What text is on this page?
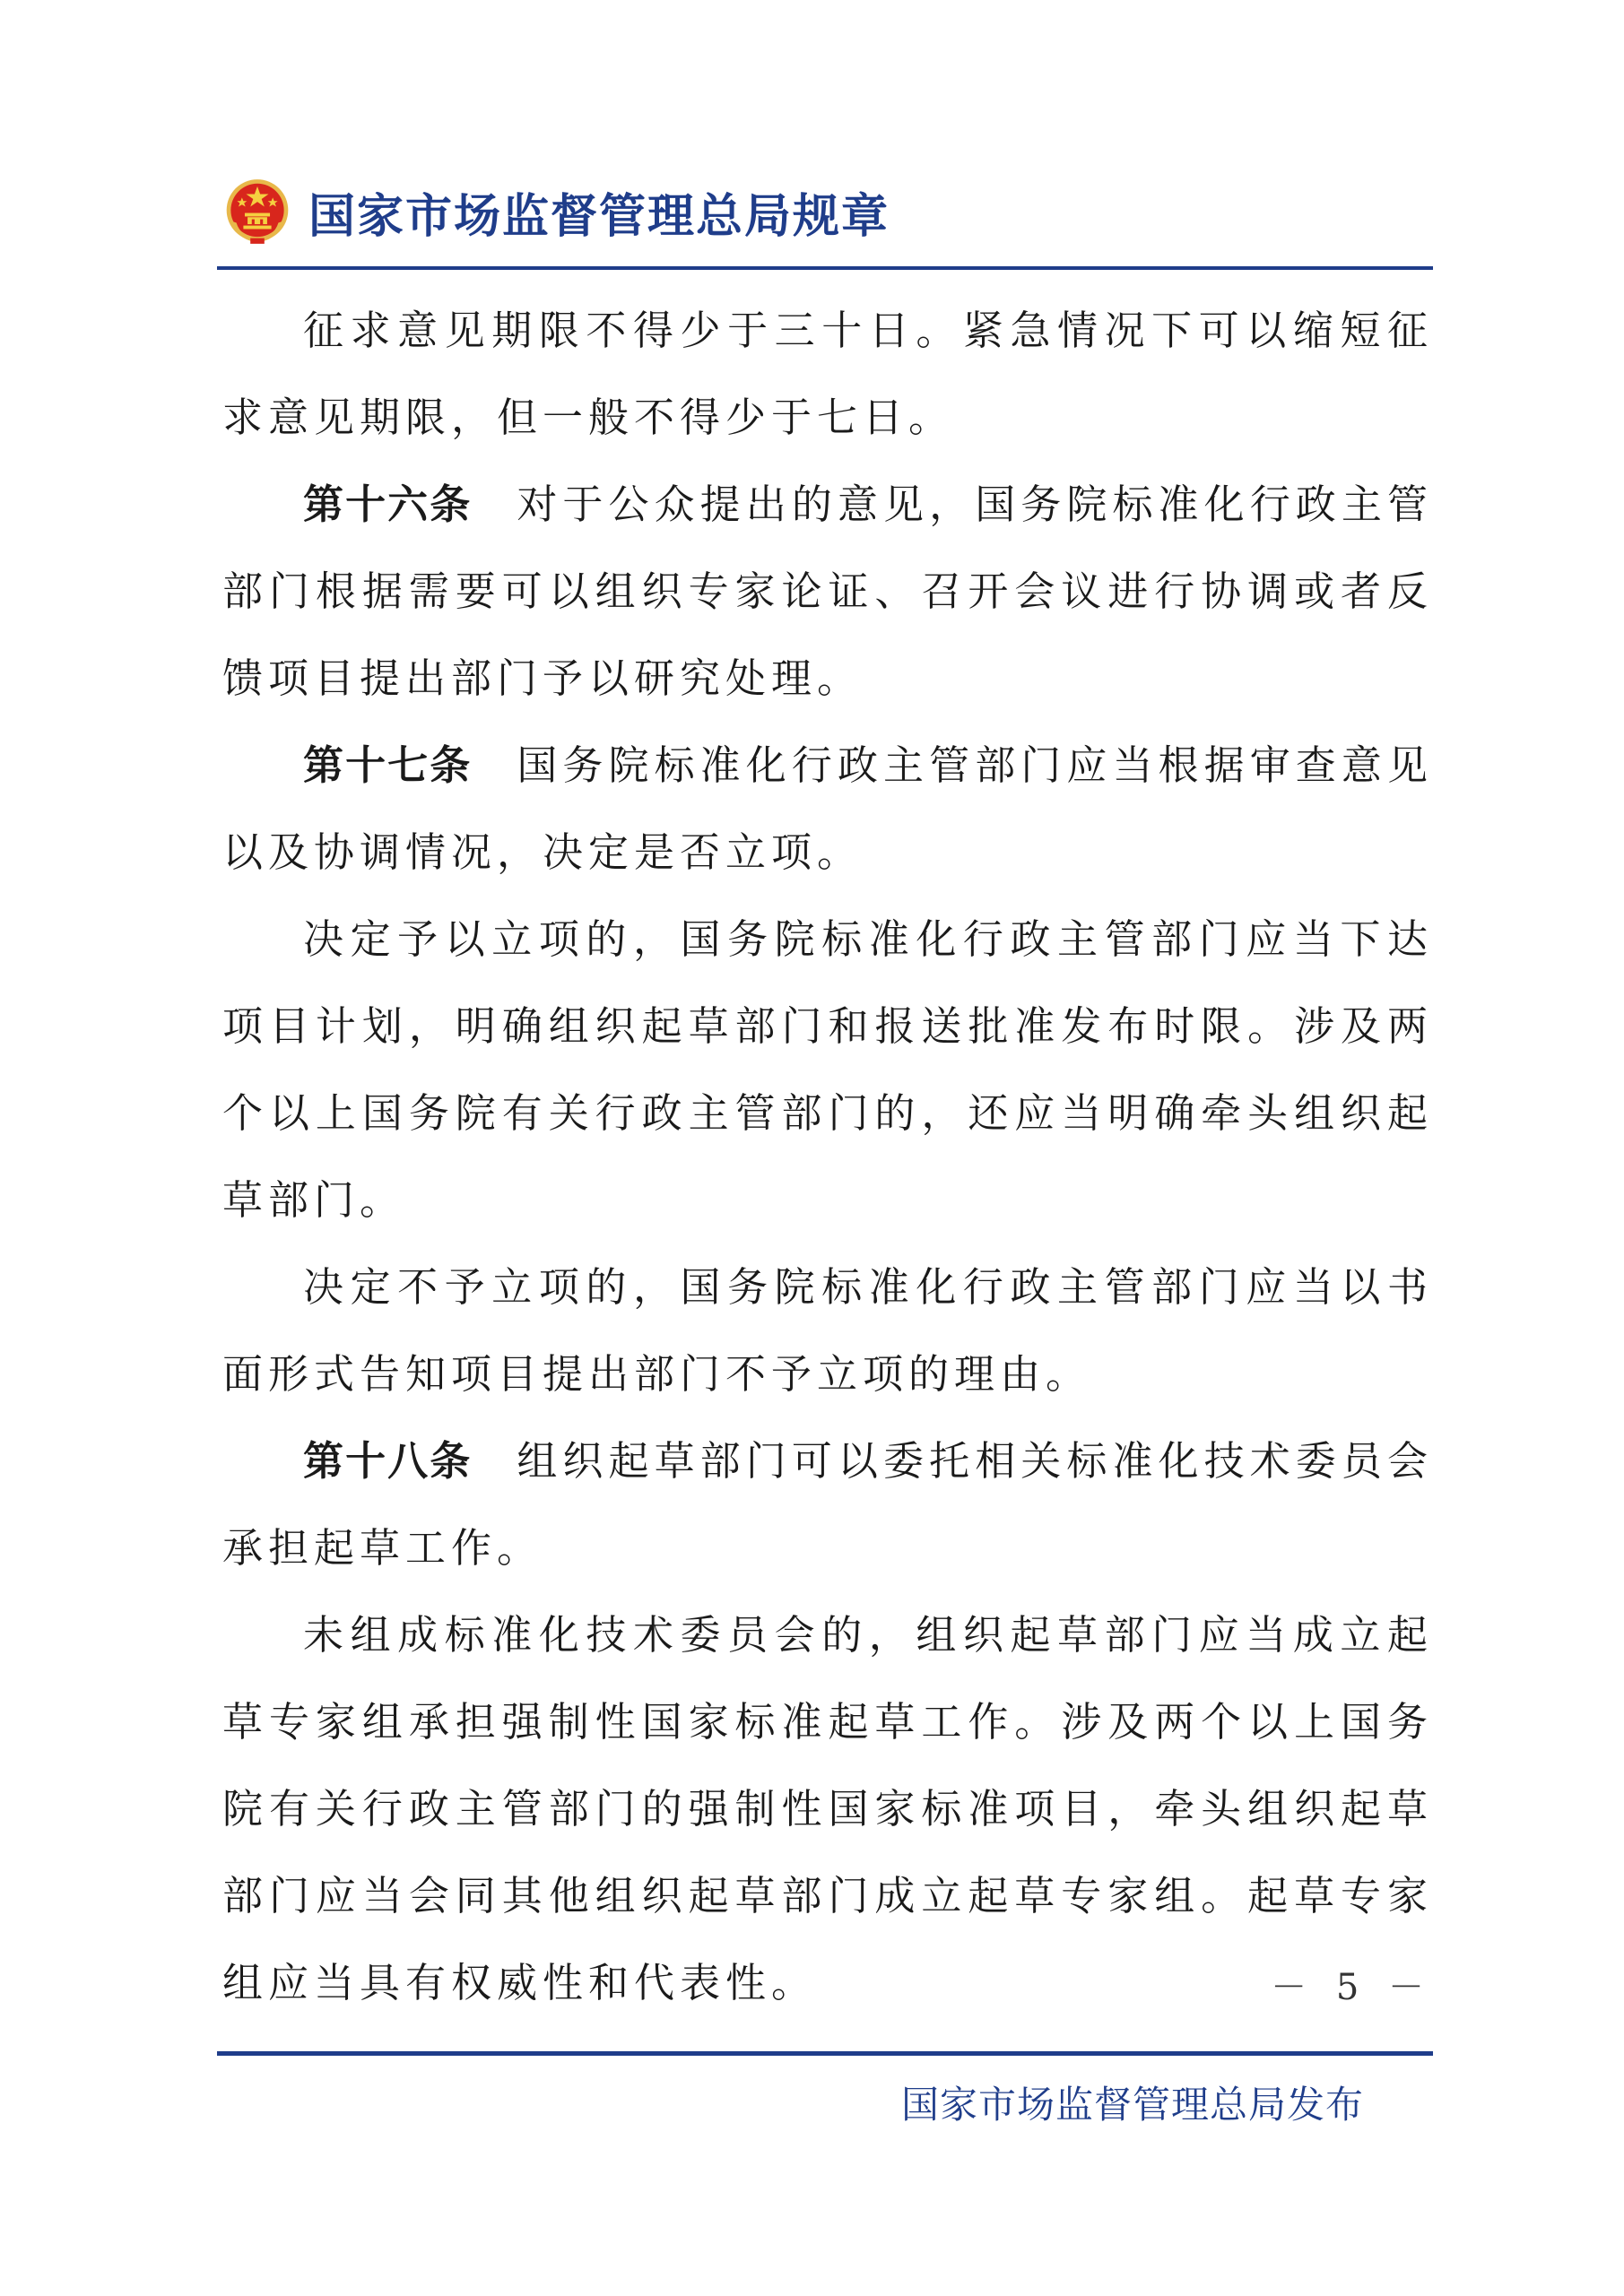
国家市场监督管理总局规章

征求意见期限不得少于三十日。紧急情况下可以缩短征求意见期限，但一般不得少于七日。

第十六条 对于公众提出的意见，国务院标准化行政主管部门根据需要可以组织专家论证、召开会议进行协调或者反馈项目提出部门予以研究处理。

第十七条 国务院标准化行政主管部门应当根据审查意见以及协调情况，决定是否立项。

决定予以立项的，国务院标准化行政主管部门应当下达项目计划，明确组织起草部门和报送批准发布时限。涉及两个以上国务院有关行政主管部门的，还应当明确牵头组织起草部门。

决定不予立项的，国务院标准化行政主管部门应当以书面形式告知项目提出部门不予立项的理由。

第十八条 组织起草部门可以委托相关标准化技术委员会承担起草工作。

未组成标准化技术委员会的，组织起草部门应当成立起草专家组承担强制性国家标准起草工作。涉及两个以上国务院有关行政主管部门的强制性国家标准项目，牵头组织起草部门应当会同其他组织起草部门成立起草专家组。起草专家组应当具有权威性和代表性。	－ 5 －
国家市场监督管理总局发布
